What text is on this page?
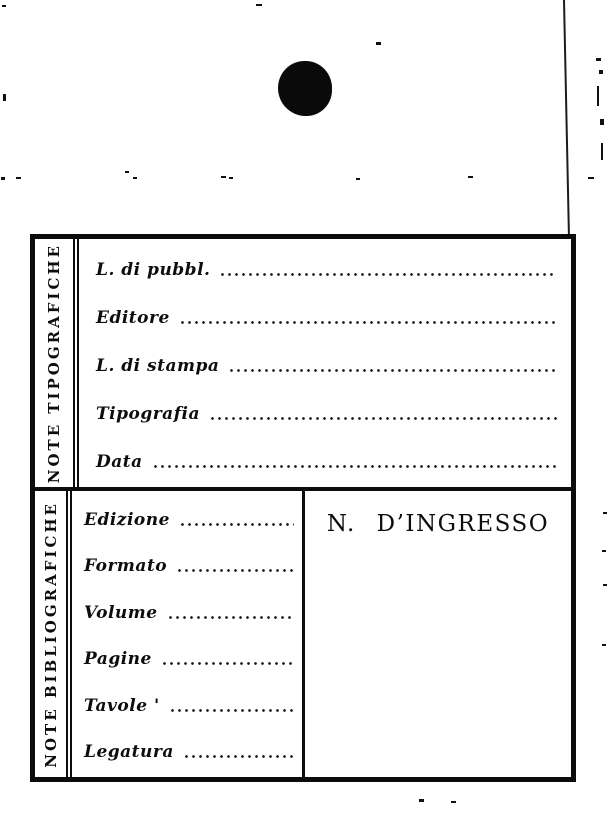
NOTE TIPOGRAFICHE L. di pubbl.
Editore
L. di stampa
Tipografia
Data
NOTE BIBLIOGRAFICHE Edizione
Formato
Volume
Pagine
Tavole '
Legatura
N. D’INGRESSO
